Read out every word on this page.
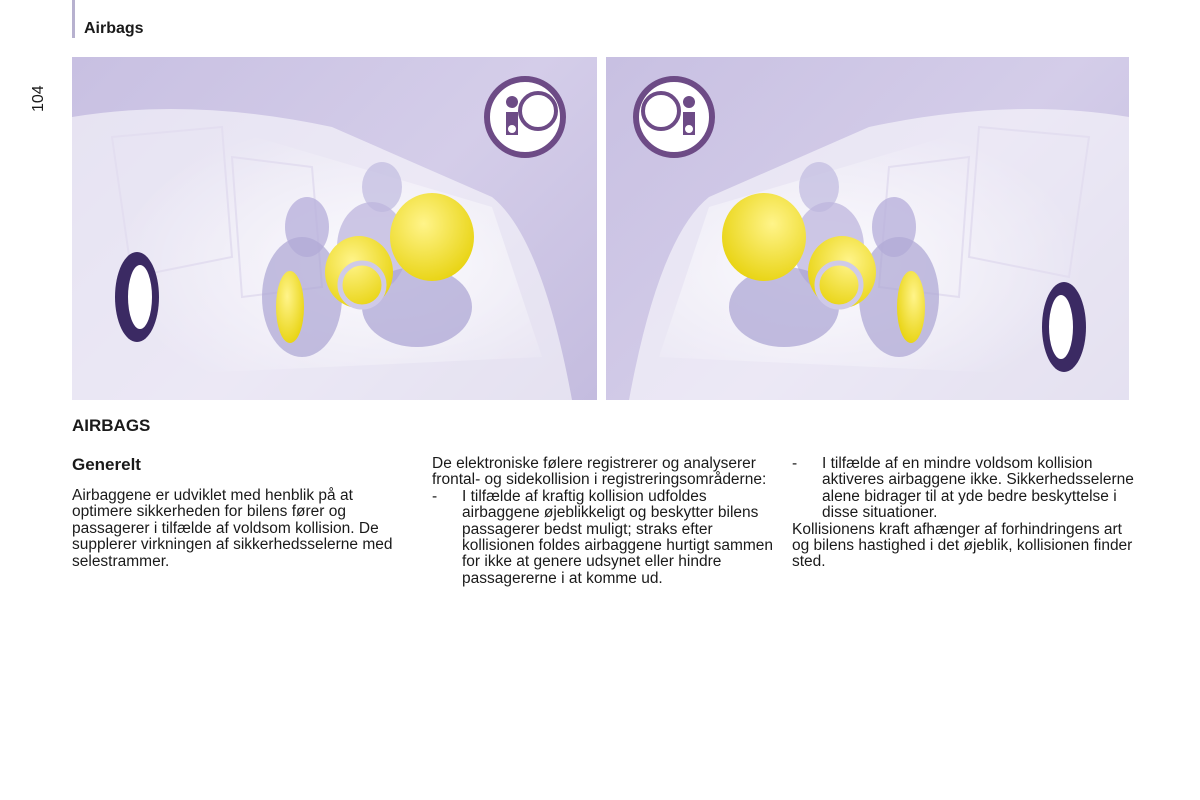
Airbags
104
AIRBAGS
Generelt

Airbaggene er udviklet med henblik på at optimere sikkerheden for bilens fører og passagerer i tilfælde af voldsom kollision. De supplerer virkningen af sikkerhedsselerne med selestrammer.

De elektroniske følere registrerer og analyserer frontal- og sidekollision i registreringsområderne:

- I tilfælde af kraftig kollision udfoldes airbaggene øjeblikkeligt og beskytter bilens passagerer bedst muligt; straks efter kollisionen foldes airbaggene hurtigt sammen for ikke at genere udsynet eller hindre passagererne i at komme ud.
- I tilfælde af en mindre voldsom kollision aktiveres airbaggene ikke. Sikkerhedsselerne alene bidrager til at yde bedre beskyttelse i disse situationer.

Kollisionens kraft afhænger af forhindringens art og bilens hastighed i det øjeblik, kollisionen finder sted.
